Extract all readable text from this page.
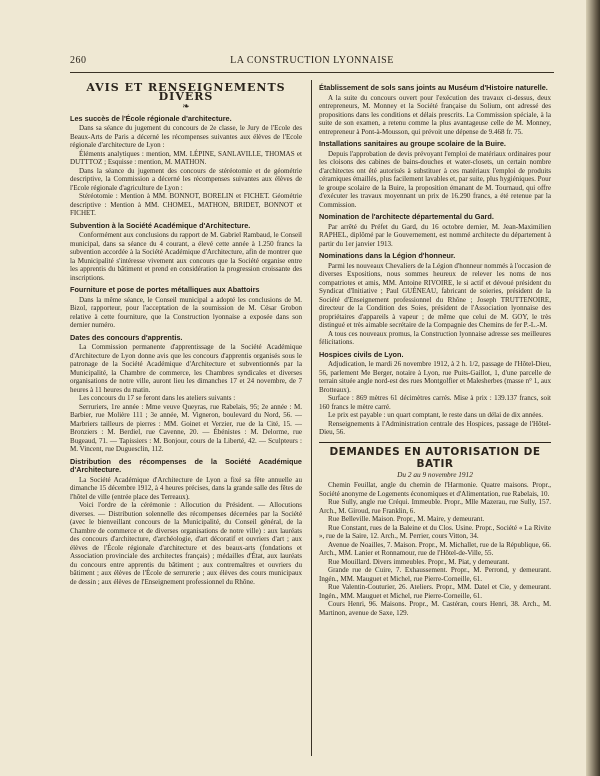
260	LA CONSTRUCTION LYONNAISE
AVIS ET RENSEIGNEMENTS DIVERS
❧
Les succès de l'École régionale d'architecture.

Dans sa séance du jugement du concours de 2e classe, le Jury de l'Ecole des Beaux-Arts de Paris a décerné les récompenses suivantes aux élèves de l'Ecole régionale d'architecture de Lyon :

Éléments analytiques : mention, MM. LÉPINE, SANLAVILLE, THOMAS et DUTTTOZ ; Esquisse : mention, M. MATHON.

Dans la séance du jugement des concours de stéréotomie et de géométrie descriptive, la Commission a décerné les récompenses suivantes aux élèves de l'Ecole régionale d'agriculture de Lyon :

Stéréotomie : Mention à MM. BONNOT, BORELIN et FICHET. Géométrie descriptive : Mention à MM. CHOMEL, MATHON, BRIDET, BONNOT et FICHET.

Subvention à la Société Académique d'Architecture.

Conformément aux conclusions du rapport de M. Gabriel Rambaud, le Conseil municipal, dans sa séance du 4 courant, a élevé cette année à 1.250 francs la subvention accordée à la Société Académique d'Architecture, afin de montrer que la Municipalité s'intéresse vivement aux concours que la Société organise entre les apprentis du bâtiment et prend en considération la progression croissante des inscriptions.

Fourniture et pose de portes métalliques aux Abattoirs

Dans la même séance, le Conseil municipal a adopté les conclusions de M. Bizol, rapporteur, pour l'acceptation de la soumission de M. César Grobon relative à cette fourniture, que la Construction lyonnaise a exposée dans son dernier numéro.

Dates des concours d'apprentis.

La Commission permanente d'apprentissage de la Société Académique d'Architecture de Lyon donne avis que les concours d'apprentis organisés sous le patronage de la Société Académique d'Architecture et subventionnés par la Municipalité, la Chambre de commerce, les Chambres syndicales et diverses organisations de notre ville, auront lieu les dimanches 17 et 24 novembre, de 7 heures à 11 heures du matin.

Les concours du 17 se feront dans les ateliers suivants :

Serruriers, 1re année : Mme veuve Queyras, rue Rabelais, 95; 2e année : M. Barbier, rue Molière 111 ; 3e année, M. Vigneron, boulevard du Nord, 56. — Marbriers tailleurs de pierres : MM. Goinet et Verzier, rue de la Cité, 15. — Bronziers : M. Berdiel, rue Cavenne, 20. — Ébénistes : M. Delorme, rue Bugeaud, 71. — Tapissiers : M. Bonjour, cours de la Liberté, 42. — Sculpteurs : M. Vincent, rue Duguesclin, 112.

Distribution des récompenses de la Société Académique d'Architecture.

La Société Académique d'Architecture de Lyon a fixé sa fête annuelle au dimanche 15 décembre 1912, à 4 heures précises, dans la grande salle des fêtes de l'hôtel de ville (entrée place des Terreaux).

Voici l'ordre de la cérémonie : Allocution du Président. — Allocutions diverses. — Distribution solennelle des récompenses décernées par la Société (avec le bienveillant concours de la Municipalité, du Conseil général, de la Chambre de commerce et de diverses organisations de notre ville) : aux lauréats des concours d'architecture, d'archéologie, d'art décoratif et ouvriers d'art ; aux élèves de l'École régionale d'architecture et des beaux-arts (fondations et Association provinciale des architectes français) ; médailles d'État, aux lauréats du concours entre apprentis du bâtiment ; aux contremaîtres et ouvriers du bâtiment ; aux élèves de l'École de serrurerie ; aux élèves des cours municipaux de dessin ; aux élèves de l'Enseignement professionnel du Rhône.

Établissement de sols sans joints au Muséum d'Histoire naturelle.

A la suite du concours ouvert pour l'exécution des travaux ci-dessus, deux entrepreneurs, M. Monney et la Société française du Solium, ont adressé des propositions dans les conditions et délais prescrits. La Commission spéciale, à la suite de son examen, a retenu comme la plus avantageuse celle de M. Monney, entrepreneur à Pont-à-Mousson, qui prévoit une dépense de 9.468 fr. 75.

Installations sanitaires au groupe scolaire de la Buire.

Depuis l'approbation de devis prévoyant l'emploi de matériaux ordinaires pour les cloisons des cabines de bains-douches et water-closets, un certain nombre d'architectes ont été autorisés à substituer à ces matériaux l'emploi de produits céramiques émaillés, plus facilement lavables et, par suite, plus hygiéniques. Pour le groupe scolaire de la Buire, la proposition émanant de M. Tournaud, qui offre d'exécuter les travaux moyennant un prix de 16.290 francs, a été retenue par la Commission.

Nomination de l'architecte départemental du Gard.

Par arrêté du Préfet du Gard, du 16 octobre dernier, M. Jean-Maximilien RAPHEL, diplômé par le Gouvernement, est nommé architecte du département à partir du 1er janvier 1913.

Nominations dans la Légion d'honneur.

Parmi les nouveaux Chevaliers de la Légion d'honneur nommés à l'occasion de diverses Expositions, nous sommes heureux de relever les noms de nos compatriotes et amis, MM. Antoine RIVOIRE, le si actif et dévoué président du Syndicat d'Initiative ; Paul GUÉNEAU, fabricant de soieries, président de la Société d'Enseignement professionnel du Rhône ; Joseph TRUTTENOIRE, directeur de la Condition des Soies, président de l'Association lyonnaise des propriétaires d'appareils à vapeur ; de même que celui de M. GOY, le très distingué et très aimable secrétaire de la Compagnie des Chemins de fer P.-L.-M.

A tous ces nouveaux promus, la Construction lyonnaise adresse ses meilleures félicitations.

Hospices civils de Lyon.

Adjudication, le mardi 26 novembre 1912, à 2 h. 1/2, passage de l'Hôtel-Dieu, 56, parlement Me Berger, notaire à Lyon, rue Puits-Gaillot, 1, d'une parcelle de terrain située angle nord-est des rues Montgolfier et Malesherbes (masse n° 1, aux Brotteaux).

Surface : 869 mètres 61 décimètres carrés. Mise à prix : 139.137 francs, soit 160 francs le mètre carré.

Le prix est payable : un quart comptant, le reste dans un délai de dix années.

Renseignements à l'Administration centrale des Hospices, passage de l'Hôtel-Dieu, 56.

DEMANDES EN AUTORISATION DE BATIR
Du 2 au 9 novembre 1912

Chemin Feuillat, angle du chemin de l'Harmonie. Quatre maisons. Propr., Société anonyme de Logements économiques et d'Alimentation, rue Rabelais, 10.

Rue Sully, angle rue Créqui. Immeuble. Propr., Mlle Mazerau, rue Sully, 157. Arch., M. Giroud, rue Franklin, 6.

Rue Belleville. Maison. Propr., M. Maire, y demeurant.

Rue Constant, rues de la Baleine et du Clos. Usine. Propr., Société « La Rivite », rue de la Saire, 12. Arch., M. Perrier, cours Vitton, 34.

Avenue de Noailles, 7. Maison. Propr., M. Michallet, rue de la République, 66. Arch., MM. Lanier et Ronnamour, rue de l'Hôtel-de-Ville, 55.

Rue Mouillard. Divers immeubles. Propr., M. Piat, y demeurant.

Grande rue de Cuire, 7. Exhaussement. Propr., M. Perrond, y demeurant. Ingén., MM. Mauguet et Michel, rue Pierre-Corneille, 61.

Rue Valentin-Couturier, 26. Ateliers. Propr., MM. Datel et Cie, y demeurant. Ingén., MM. Mauguet et Michel, rue Pierre-Corneille, 61.

Cours Henri, 96. Maisons. Propr., M. Castéran, cours Henri, 38. Arch., M. Martinon, avenue de Saxe, 129.
